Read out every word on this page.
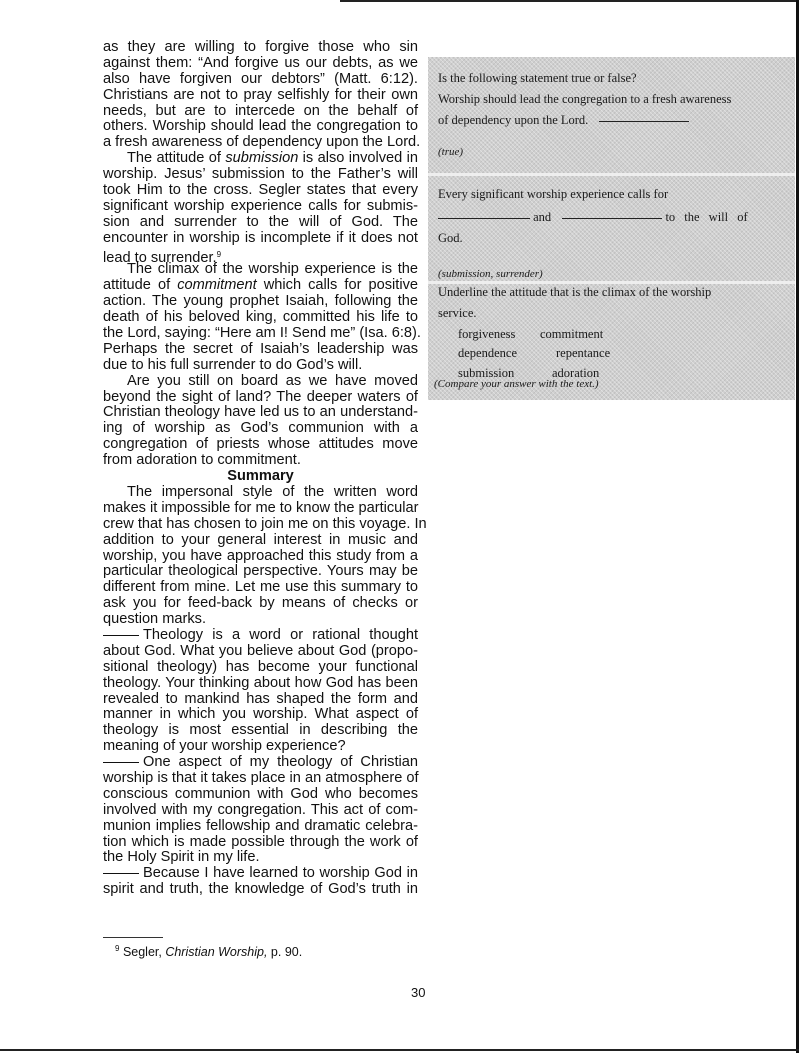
as they are willing to forgive those who sin
against them: “And forgive us our debts, as we
also have forgiven our debtors” (Matt. 6:12).
Christians are not to pray selfishly for their own
needs, but are to intercede on the behalf of
others. Worship should lead the congregation to
a fresh awareness of dependency upon the Lord.
The attitude of submission is also involved in
worship. Jesus’ submission to the Father’s will
took Him to the cross. Segler states that every
significant worship experience calls for submis-
sion and surrender to the will of God. The
encounter in worship is incomplete if it does not
lead to surrender.$^9$
The climax of the worship experience is the
attitude of commitment which calls for positive
action. The young prophet Isaiah, following the
death of his beloved king, committed his life to
the Lord, saying: “Here am I! Send me” (Isa. 6:8).
Perhaps the secret of Isaiah’s leadership was
due to his full surrender to do God’s will.
Are you still on board as we have moved
beyond the sight of land? The deeper waters of
Christian theology have led us to an understand-
ing of worship as God’s communion with a
congregation of priests whose attitudes move
from adoration to commitment.
Summary
The impersonal style of the written word
makes it impossible for me to know the particular
crew that has chosen to join me on this voyage. In
addition to your general interest in music and
worship, you have approached this study from a
particular theological perspective. Yours may be
different from mine. Let me use this summary to
ask you for feed-back by means of checks or
question marks.
Theology is a word or rational thought
about God. What you believe about God (propo-
sitional theology) has become your functional
theology. Your thinking about how God has been
revealed to mankind has shaped the form and
manner in which you worship. What aspect of
theology is most essential in describing the
meaning of your worship experience?
One aspect of my theology of Christian
worship is that it takes place in an atmosphere of
conscious communion with God who becomes
involved with my congregation. This act of com-
munion implies fellowship and dramatic celebra-
tion which is made possible through the work of
the Holy Spirit in my life.
Because I have learned to worship God in
spirit and truth, the knowledge of God’s truth in
Is the following statement true or false?
Worship should lead the congregation to a fresh awareness
of dependency upon the Lord.
(true)
Every significant worship experience calls for
and	to the will of
God.
(submission, surrender)
Underline the attitude that is the climax of the worship
service.
forgiveness commitment
dependence	repentance
submission	adoration
(Compare your answer with the text.)
$^9$ Segler, Christian Worship, p. 90.
30
